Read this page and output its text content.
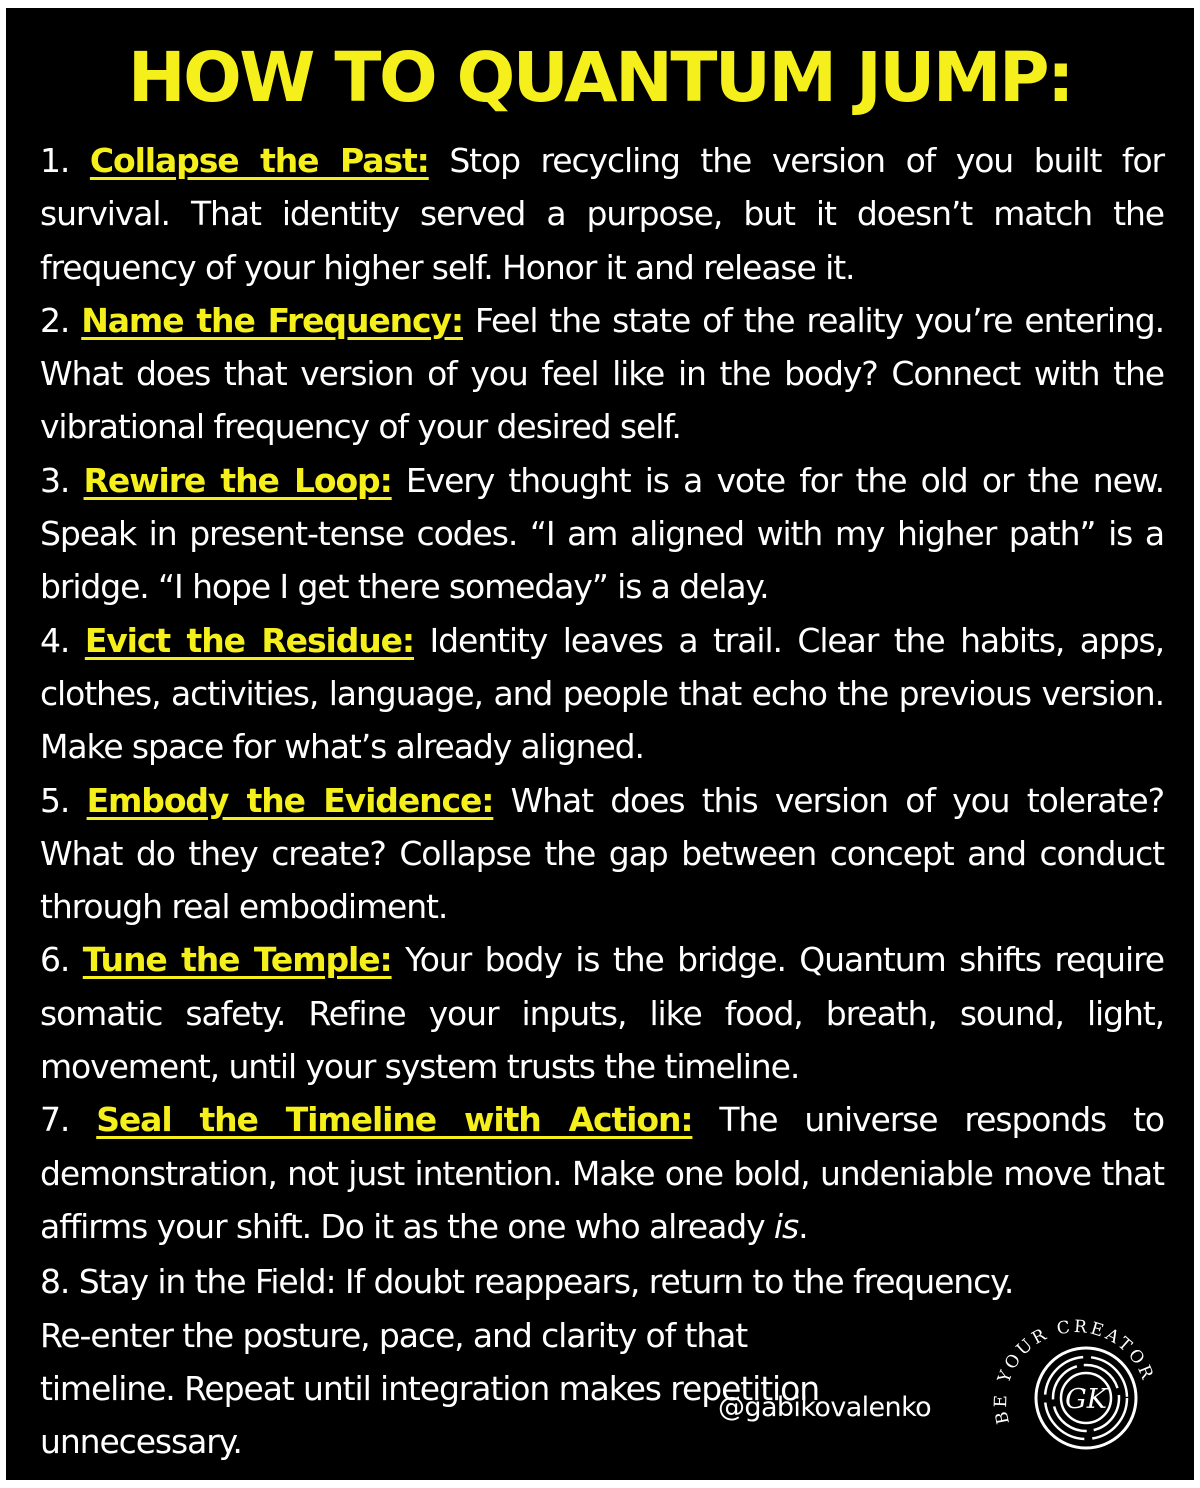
HOW TO QUANTUM JUMP:

1. Collapse the Past: Stop recycling the version of you built for survival. That identity served a purpose, but it doesn’t match the frequency of your higher self. Honor it and release it.

2. Name the Frequency: Feel the state of the reality you’re entering. What does that version of you feel like in the body? Connect with the vibrational frequency of your desired self.

3. Rewire the Loop: Every thought is a vote for the old or the new. Speak in present-tense codes. “I am aligned with my higher path” is a bridge. “I hope I get there someday” is a delay.

4. Evict the Residue: Identity leaves a trail. Clear the habits, apps, clothes, activities, language, and people that echo the previous version. Make space for what’s already aligned.

5. Embody the Evidence: What does this version of you tolerate? What do they create? Collapse the gap between concept and conduct through real embodiment.

6. Tune the Temple: Your body is the bridge. Quantum shifts require somatic safety. Refine your inputs, like food, breath, sound, light, movement, until your system trusts the timeline.

7. Seal the Timeline with Action: The universe responds to demonstration, not just intention. Make one bold, undeniable move that affirms your shift. Do it as the one who already is.

8. Stay in the Field: If doubt reappears, return to the frequency.
Re-enter the posture, pace, and clarity of that timeline. Repeat until integration makes repetition unnecessary.

@gabikovalenko	BE YOUR CREATOR
GK
